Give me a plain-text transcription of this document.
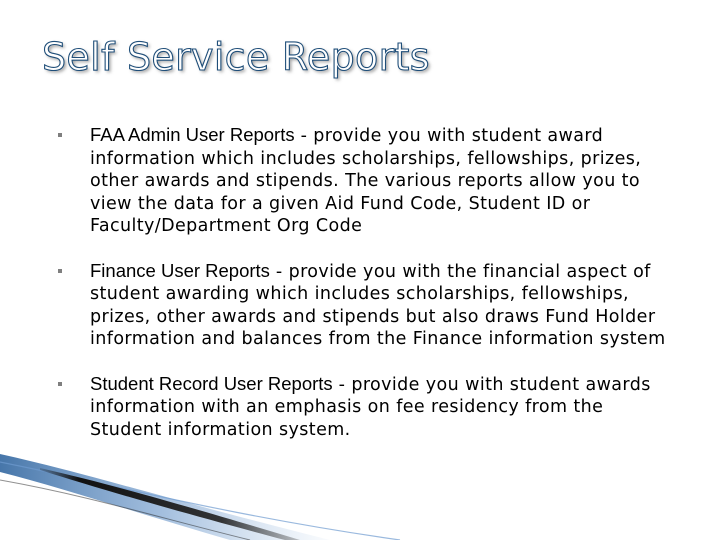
Self Service Reports
FAA Admin User Reports - provide you with student award information which includes scholarships, fellowships, prizes, other awards and stipends. The various reports allow you to view the data for a given Aid Fund Code, Student ID or Faculty/Department Org Code
Finance User Reports - provide you with the financial aspect of student awarding which includes scholarships, fellowships, prizes, other awards and stipends but also draws Fund Holder information and balances from the Finance information system
Student Record User Reports - provide you with student awards information with an emphasis on fee residency from the Student information system.
